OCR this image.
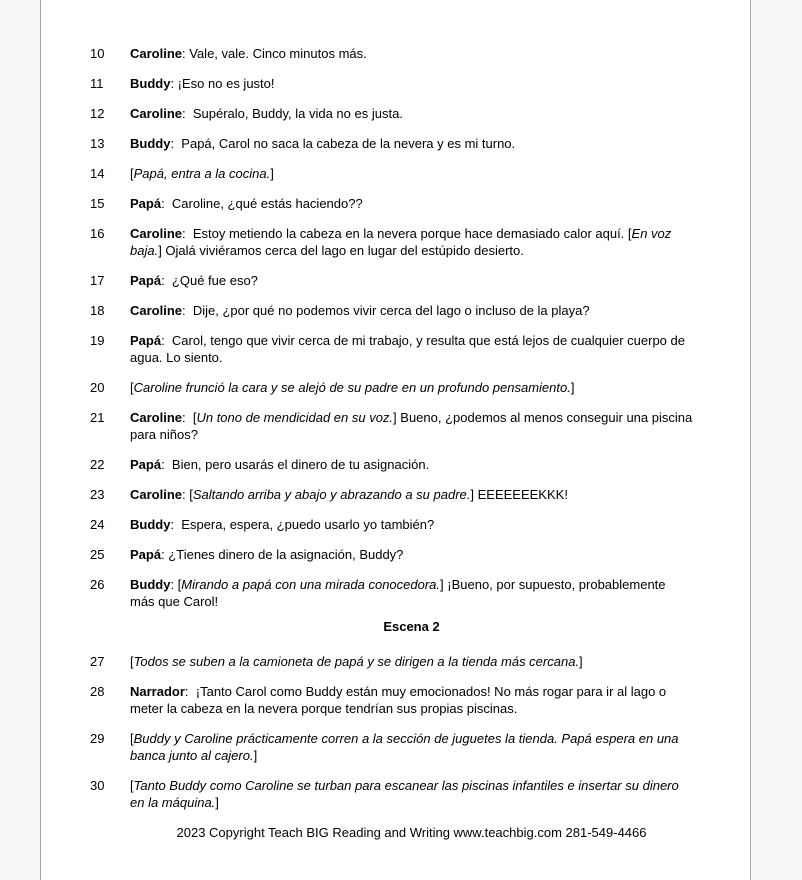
10	Caroline: Vale, vale. Cinco minutos más.
11	Buddy: ¡Eso no es justo!
12	Caroline:  Supéralo, Buddy, la vida no es justa.
13	Buddy:  Papá, Carol no saca la cabeza de la nevera y es mi turno.
14	[Papá, entra a la cocina.]
15	Papá:  Caroline, ¿qué estás haciendo??
16	Caroline:  Estoy metiendo la cabeza en la nevera porque hace demasiado calor aquí. [En voz baja.] Ojalá viviéramos cerca del lago en lugar del estúpido desierto.
17	Papá:  ¿Qué fue eso?
18	Caroline:  Dije, ¿por qué no podemos vivir cerca del lago o incluso de la playa?
19	Papá:  Carol, tengo que vivir cerca de mi trabajo, y resulta que está lejos de cualquier cuerpo de agua. Lo siento.
20	[Caroline frunció la cara y se alejó de su padre en un profundo pensamiento.]
21	Caroline:  [Un tono de mendicidad en su voz.] Bueno, ¿podemos al menos conseguir una piscina para niños?
22	Papá:  Bien, pero usarás el dinero de tu asignación.
23	Caroline: [Saltando arriba y abajo y abrazando a su padre.] EEEEEEEKKK!
24	Buddy:  Espera, espera, ¿puedo usarlo yo también?
25	Papá: ¿Tienes dinero de la asignación, Buddy?
26	Buddy: [Mirando a papá con una mirada conocedora.] ¡Bueno, por supuesto, probablemente más que Carol!
Escena 2
27	[Todos se suben a la camioneta de papá y se dirigen a la tienda más cercana.]
28	Narrador:  ¡Tanto Carol como Buddy están muy emocionados! No más rogar para ir al lago o meter la cabeza en la nevera porque tendrían sus propias piscinas.
29	[Buddy y Caroline prácticamente corren a la sección de juguetes la tienda. Papá espera en una banca junto al cajero.]
30	[Tanto Buddy como Caroline se turban para escanear las piscinas infantiles e insertar su dinero en la máquina.]
2023 Copyright Teach BIG Reading and Writing www.teachbig.com 281-549-4466
